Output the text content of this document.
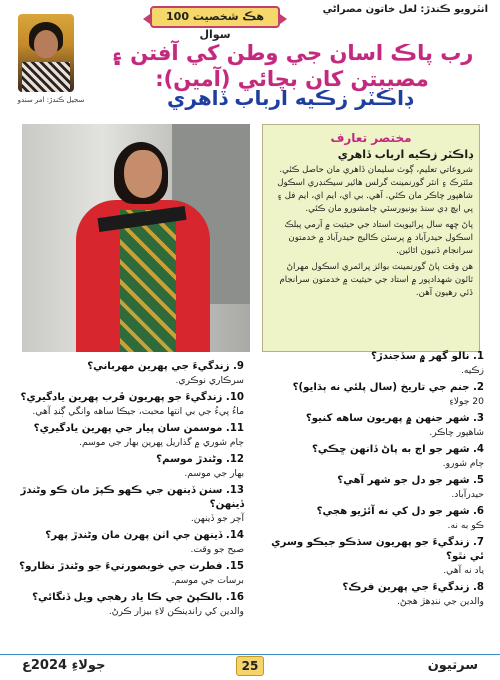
انٽرويو ڪندڙ: لعل خاتون مصراڻي
هڪ شخصيت 100 سوال
سجيل ڪندڙ: امر سندو
رب پاڪ اسان جي وطن کي آفتن ۽ مصيبتن کان بچائي (آمين):
ڊاڪٽر زڪيه ارباب ڏاهري
مختصر تعارف
ڊاڪٽر زڪيه ارباب ڏاهري

شروعاتي تعليم، ڳوٺ سليمان ڏاهري مان حاصل ڪئي. مئٽرڪ ۽ انٽر گورنمينٽ گرلس هائير سيڪنڊري اسڪول شاهپور چاڪر مان ڪئي. آهي. بي اي، ايم اي، ايم فل ۽ پي ايڇ ڊي سنڌ يونيورسٽي ڄامشورو مان ڪئي.

پاڻ ڇهه سال پرائيويٽ استاد جي حيثيت ۾ آرمي پبلڪ اسڪول حيدرآباد ۾ پرسٽن ڪاليج حيدرآباد ۾ خدمتون سرانجام ڏنيون اٿائين.

هن وقت پاڻ گورنمينٽ بوائز پرائمري اسڪول مهراڻ ٽائون شهدادپور ۾ استاد جي حيثيت ۾ خدمتون سرانجام ڏئي رهيون آهن.

1. نالو گهر ۾ سڏجندڙ؟
زڪيه.
2. جنم جي تاريخ (سال پلئي نه ٻڌايو)؟
20 جولاءِ
3. شهر جنهن ۾ پهريون ساهه کنيو؟
شاهپور چاڪر.
4. شهر جو اڄ به پاڻ ڏانهن ڇڪي؟
ڄام شورو.
5. شهر جو دل جو شهر آهي؟
حيدرآباد.
6. شهر جو دل کي نه آئڙيو هجي؟
ڪو به نه.
7. زندگيءَ جو پهريون سڌڪو جيڪو وسري ئي نٿو؟
ياد نه آهي.
8. زندگيءَ جي پهرين فرڪ؟
والدين جي ننڍهڙ هجڻ.
9. زندگيءَ جي پهرين مهرباني؟
سرڪاري نوڪري.
10. زندگيءَ جو پهريون ڦرب پهرين يادگيري؟
ماءُ پيءُ جي بي انتها محبت، جيڪا ساهه وانگي ڳنڍ آهي.
11. موسمن سان پيار جي پهرين يادگيري؟
ڄام شوري ۾ گذاريل پهرين بهار جي موسم.
12. وڻندڙ موسم؟
بهار جي موسم.
13. سنن ڏينهن جي ڪهو ڪپڙ مان ڪو وڻندڙ ڏينهن؟
آچر جو ڏينهن.
14. ڏينهن جي اٺن پهرن مان وڻندڙ پهر؟
صبح جو وقت.
15. فطرت جي خوبصورتيءَ جو وڻندڙ نظارو؟
برسات جي موسم.
16. بالڪپڻ جي ڪا ياد رهجي ويل ڏنگائي؟
والدين کي راندينڪن لاءِ بيزار ڪرڻ.
سرتيون
25
جولاءِ 2024ع
